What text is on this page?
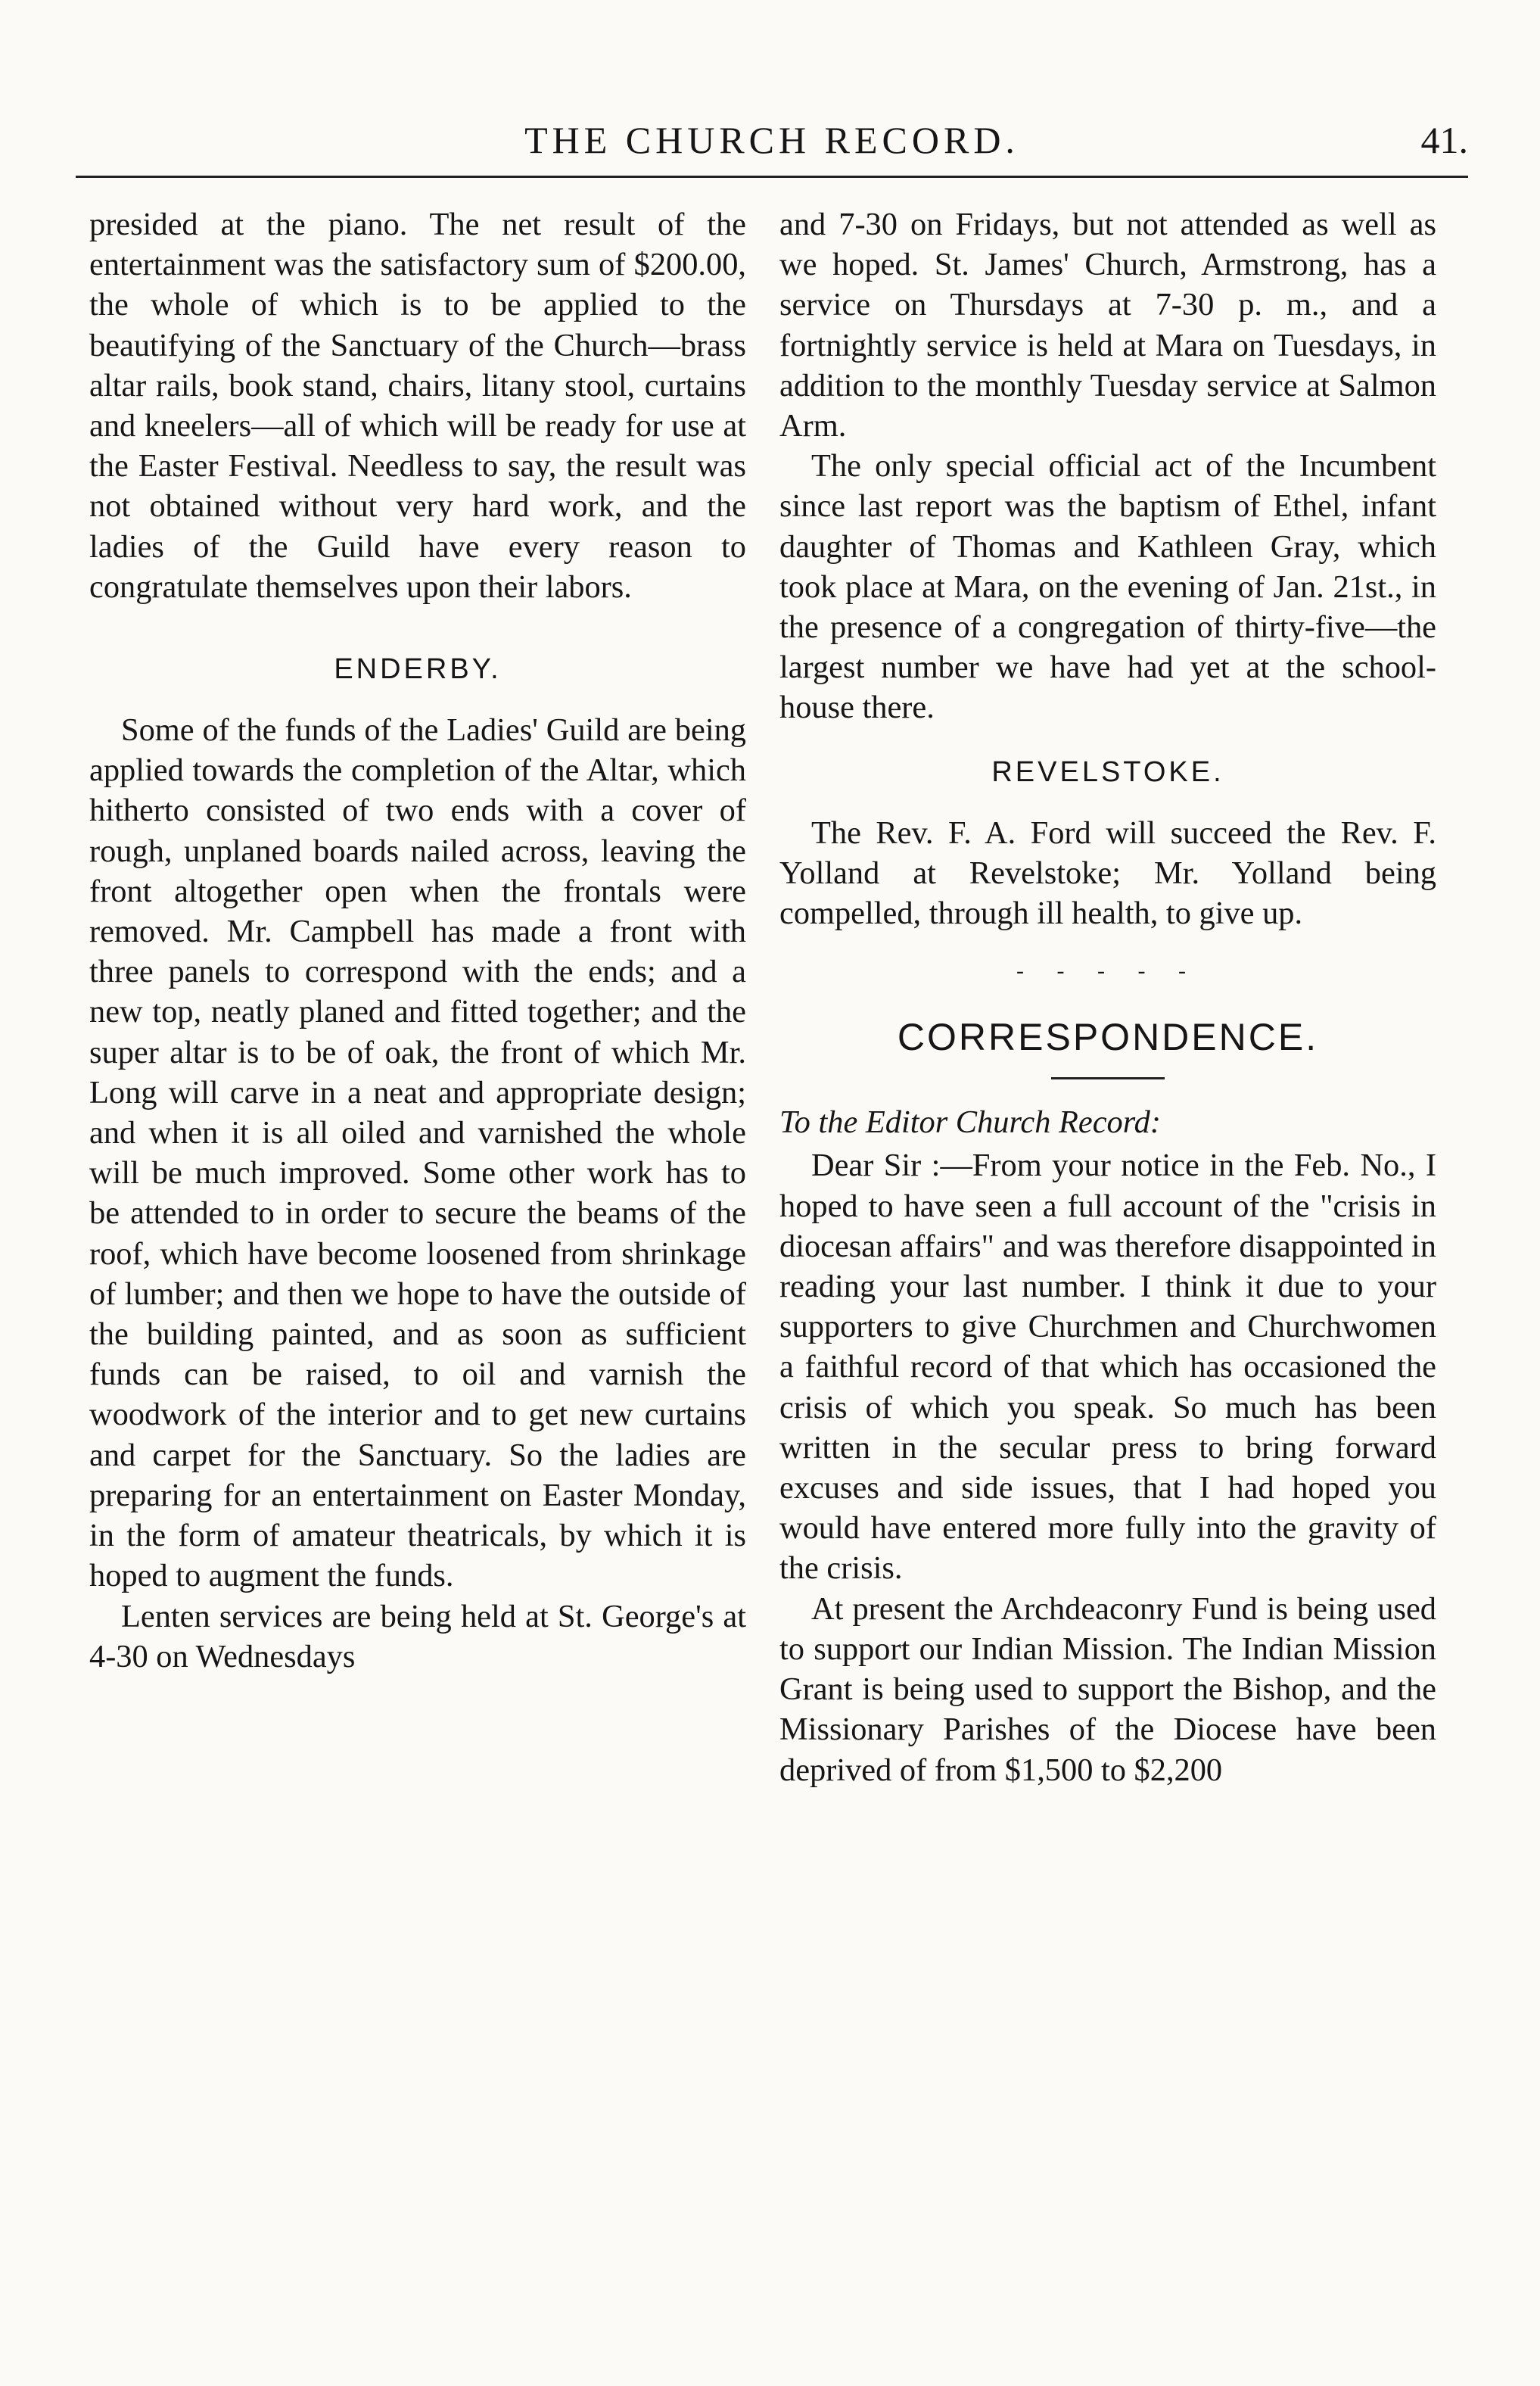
THE CHURCH RECORD.	41.

presided at the piano. The net result of the entertainment was the satisfactory sum of $200.00, the whole of which is to be applied to the beautifying of the Sanctuary of the Church—brass altar rails, book stand, chairs, litany stool, curtains and kneelers—all of which will be ready for use at the Easter Festival. Needless to say, the result was not obtained without very hard work, and the ladies of the Guild have every reason to congratulate themselves upon their labors.

ENDERBY.

Some of the funds of the Ladies' Guild are being applied towards the completion of the Altar, which hitherto consisted of two ends with a cover of rough, unplaned boards nailed across, leaving the front altogether open when the frontals were removed. Mr. Campbell has made a front with three panels to correspond with the ends; and a new top, neatly planed and fitted together; and the super altar is to be of oak, the front of which Mr. Long will carve in a neat and appropriate design; and when it is all oiled and varnished the whole will be much improved. Some other work has to be attended to in order to secure the beams of the roof, which have become loosened from shrinkage of lumber; and then we hope to have the outside of the building painted, and as soon as sufficient funds can be raised, to oil and varnish the woodwork of the interior and to get new curtains and carpet for the Sanctuary. So the ladies are preparing for an entertainment on Easter Monday, in the form of amateur theatricals, by which it is hoped to augment the funds.

Lenten services are being held at St. George's at 4-30 on Wednesdays

and 7-30 on Fridays, but not attended as well as we hoped. St. James' Church, Armstrong, has a service on Thursdays at 7-30 p. m., and a fortnightly service is held at Mara on Tuesdays, in addition to the monthly Tuesday service at Salmon Arm.

The only special official act of the Incumbent since last report was the baptism of Ethel, infant daughter of Thomas and Kathleen Gray, which took place at Mara, on the evening of Jan. 21st., in the presence of a congregation of thirty-five—the largest number we have had yet at the school-house there.

REVELSTOKE.

The Rev. F. A. Ford will succeed the Rev. F. Yolland at Revelstoke; Mr. Yolland being compelled, through ill health, to give up.

- - - - -
CORRESPONDENCE.

To the Editor Church Record:

Dear Sir :—From your notice in the Feb. No., I hoped to have seen a full account of the "crisis in diocesan affairs" and was therefore disappointed in reading your last number. I think it due to your supporters to give Churchmen and Churchwomen a faithful record of that which has occasioned the crisis of which you speak. So much has been written in the secular press to bring forward excuses and side issues, that I had hoped you would have entered more fully into the gravity of the crisis.

At present the Archdeaconry Fund is being used to support our Indian Mission. The Indian Mission Grant is being used to support the Bishop, and the Missionary Parishes of the Diocese have been deprived of from $1,500 to $2,200
